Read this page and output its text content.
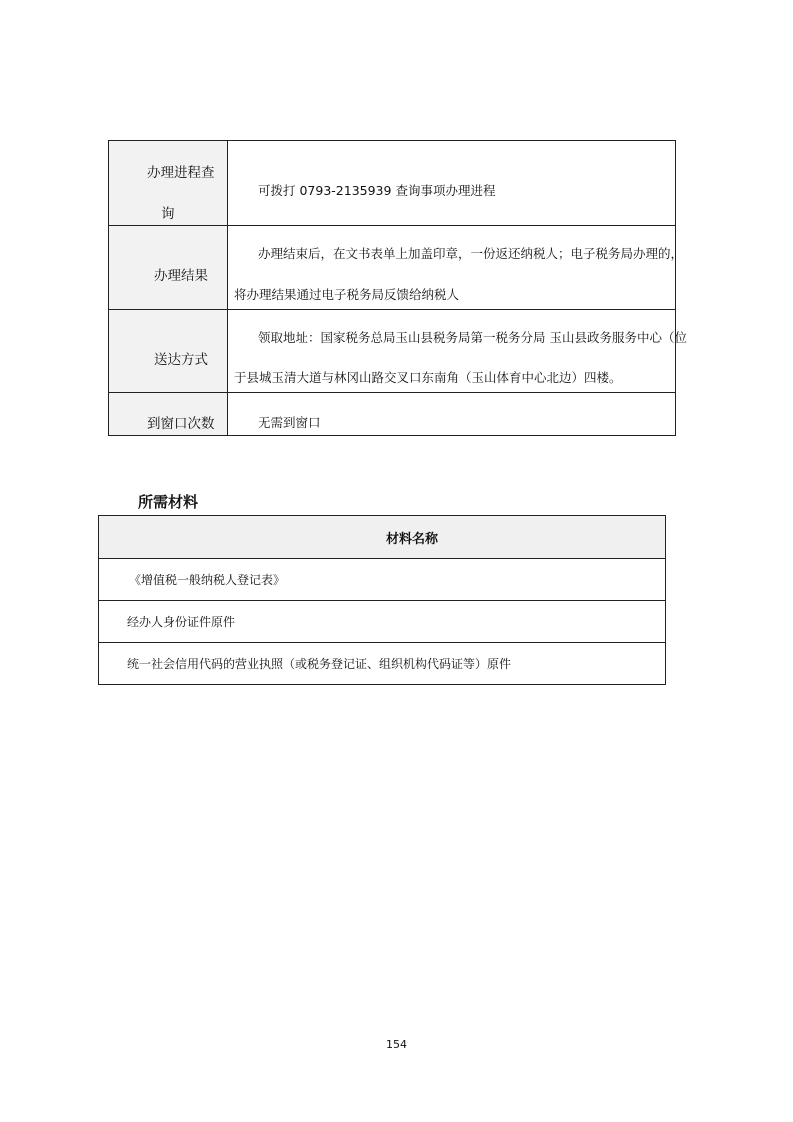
办理进程查
询	可拨打 0793-2135939 查询事项办理进程

办理结果	办理结束后，在文书表单上加盖印章，一份返还纳税人；电子税务局办理的，
将办理结果通过电子税务局反馈给纳税人

送达方式	领取地址：国家税务总局玉山县税务局第一税务分局 玉山县政务服务中心（位
于县城玉清大道与林冈山路交叉口东南角（玉山体育中心北边）四楼。

到窗口次数	无需到窗口
所需材料
材料名称
《增值税一般纳税人登记表》
经办人身份证件原件
统一社会信用代码的营业执照（或税务登记证、组织机构代码证等）原件
154
